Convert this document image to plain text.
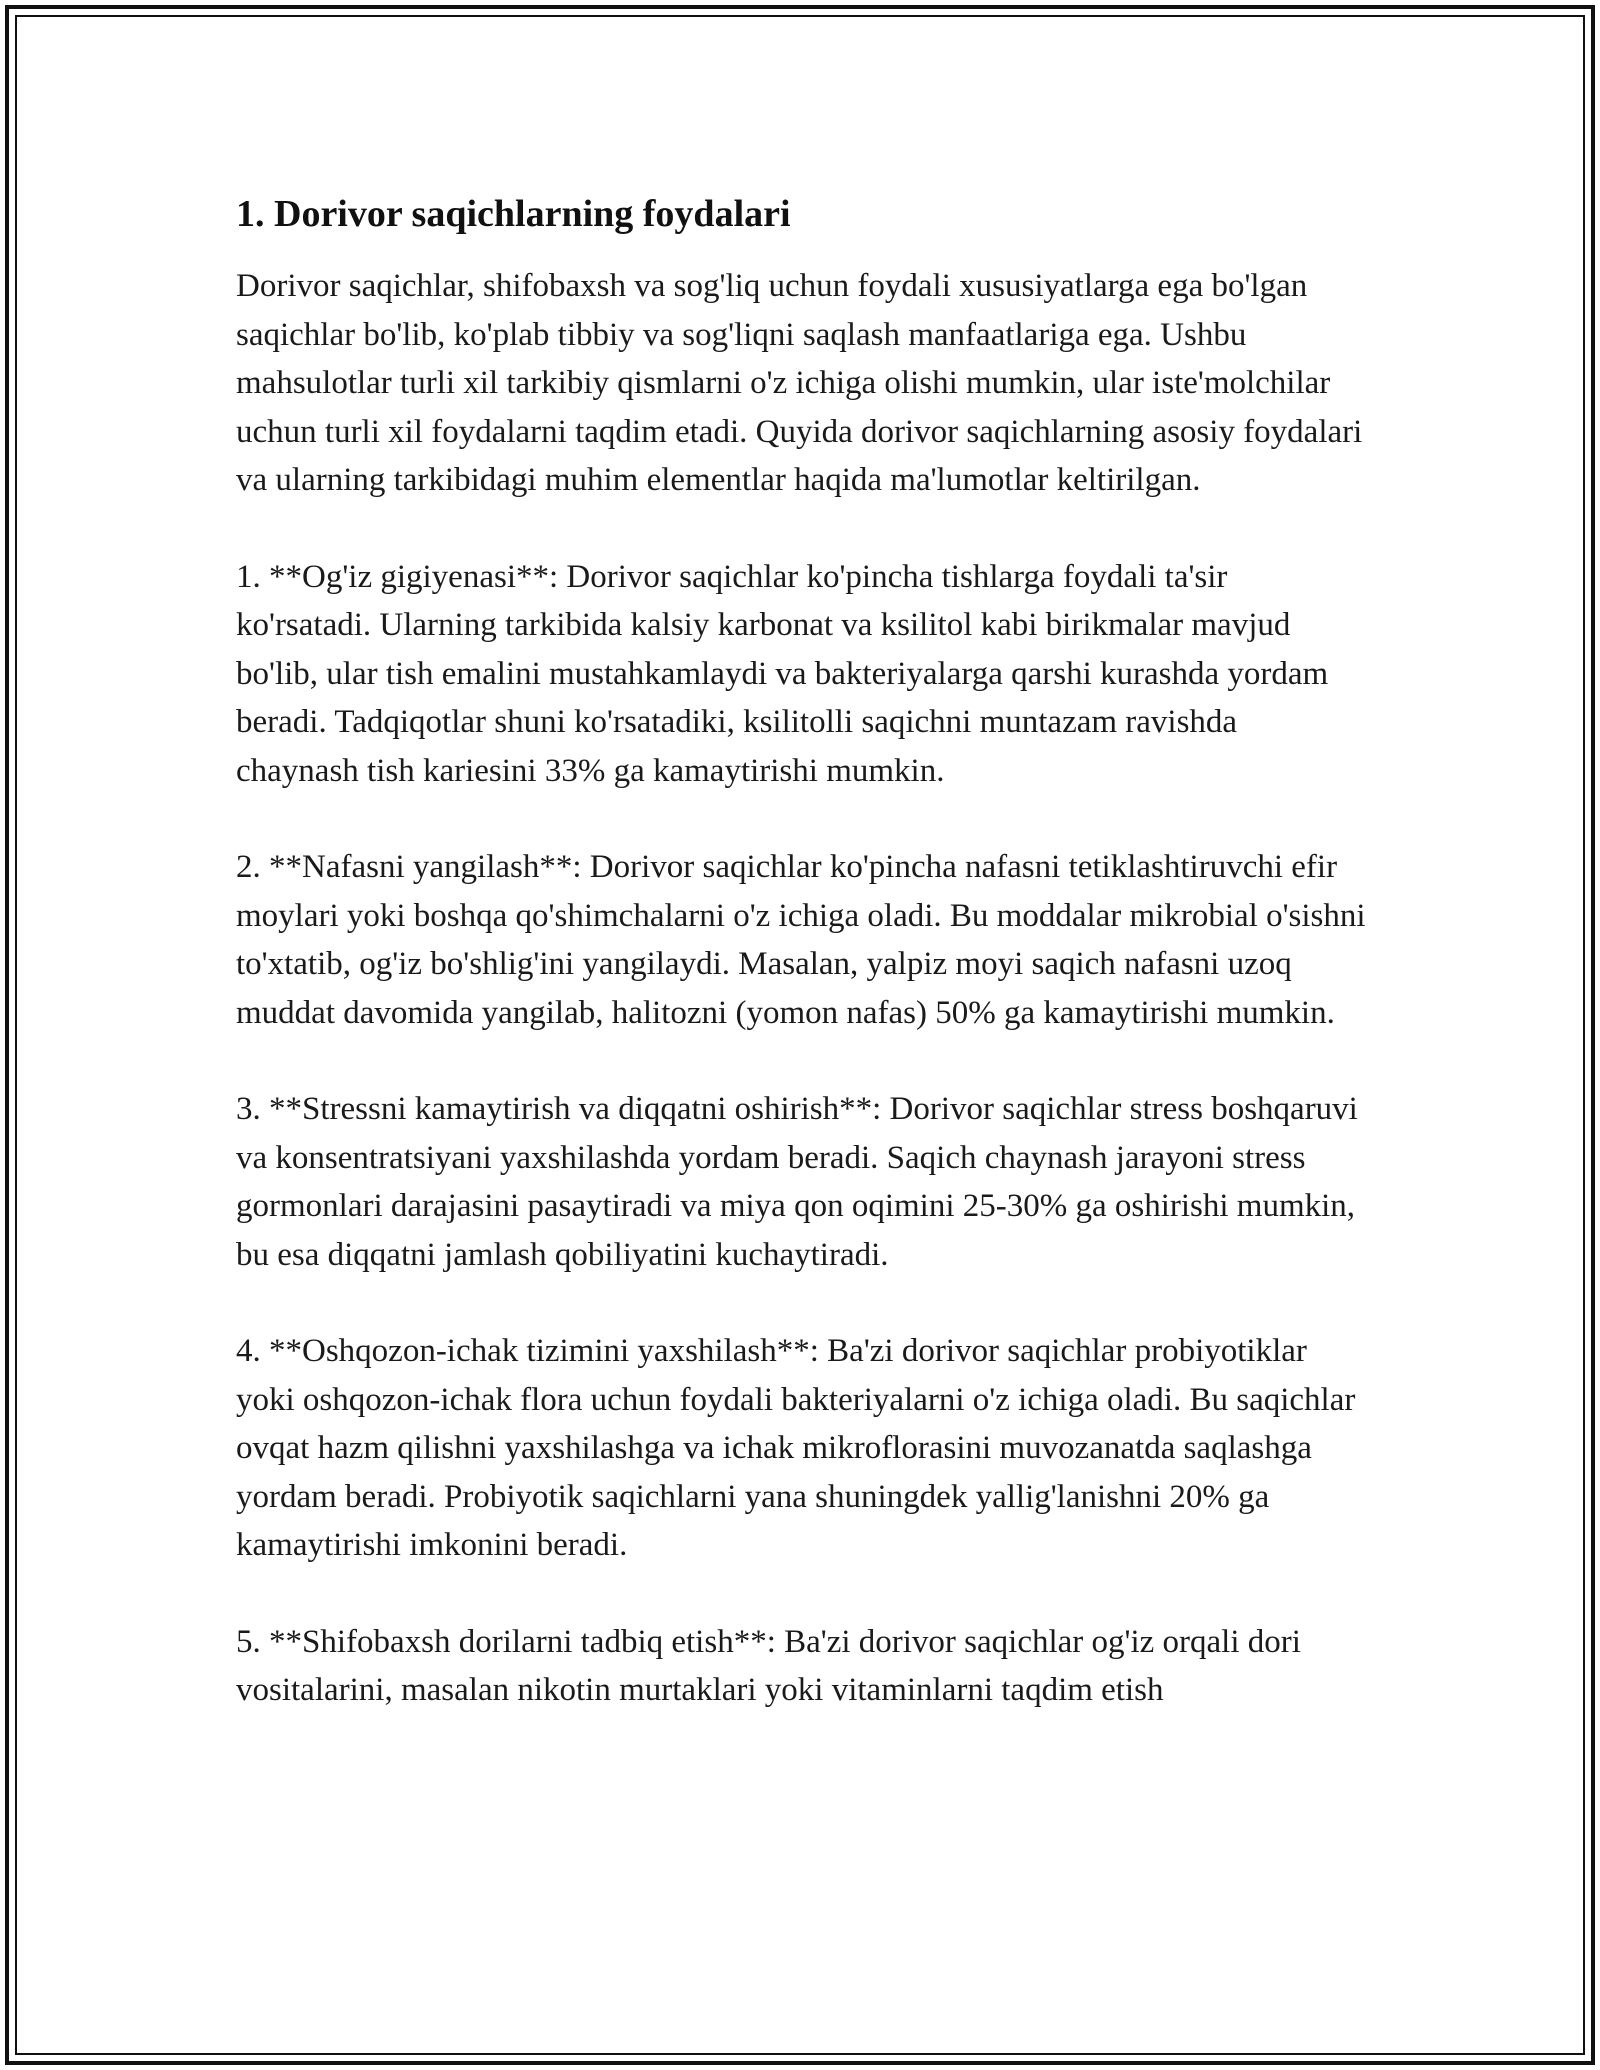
1. Dorivor saqichlarning foydalari

Dorivor saqichlar, shifobaxsh va sog'liq uchun foydali xususiyatlarga ega bo'lgan saqichlar bo'lib, ko'plab tibbiy va sog'liqni saqlash manfaatlariga ega. Ushbu mahsulotlar turli xil tarkibiy qismlarni o'z ichiga olishi mumkin, ular iste'molchilar uchun turli xil foydalarni taqdim etadi. Quyida dorivor saqichlarning asosiy foydalari va ularning tarkibidagi muhim elementlar haqida ma'lumotlar keltirilgan.

1. **Og'iz gigiyenasi**: Dorivor saqichlar ko'pincha tishlarga foydali ta'sir ko'rsatadi. Ularning tarkibida kalsiy karbonat va ksilitol kabi birikmalar mavjud bo'lib, ular tish emalini mustahkamlaydi va bakteriyalarga qarshi kurashda yordam beradi. Tadqiqotlar shuni ko'rsatadiki, ksilitolli saqichni muntazam ravishda chaynash tish kariesini 33% ga kamaytirishi mumkin.

2. **Nafasni yangilash**: Dorivor saqichlar ko'pincha nafasni tetiklashtiruvchi efir moylari yoki boshqa qo'shimchalarni o'z ichiga oladi. Bu moddalar mikrobial o'sishni to'xtatib, og'iz bo'shlig'ini yangilaydi. Masalan, yalpiz moyi saqich nafasni uzoq muddat davomida yangilab, halitozni (yomon nafas) 50% ga kamaytirishi mumkin.

3. **Stressni kamaytirish va diqqatni oshirish**: Dorivor saqichlar stress boshqaruvi va konsentratsiyani yaxshilashda yordam beradi. Saqich chaynash jarayoni stress gormonlari darajasini pasaytiradi va miya qon oqimini 25-30% ga oshirishi mumkin, bu esa diqqatni jamlash qobiliyatini kuchaytiradi.

4. **Oshqozon-ichak tizimini yaxshilash**: Ba'zi dorivor saqichlar probiyotiklar yoki oshqozon-ichak flora uchun foydali bakteriyalarni o'z ichiga oladi. Bu saqichlar ovqat hazm qilishni yaxshilashga va ichak mikroflorasini muvozanatda saqlashga yordam beradi. Probiyotik saqichlarni yana shuningdek yallig'lanishni 20% ga kamaytirishi imkonini beradi.

5. **Shifobaxsh dorilarni tadbiq etish**: Ba'zi dorivor saqichlar og'iz orqali dori vositalarini, masalan nikotin murtaklari yoki vitaminlarni taqdim etish
